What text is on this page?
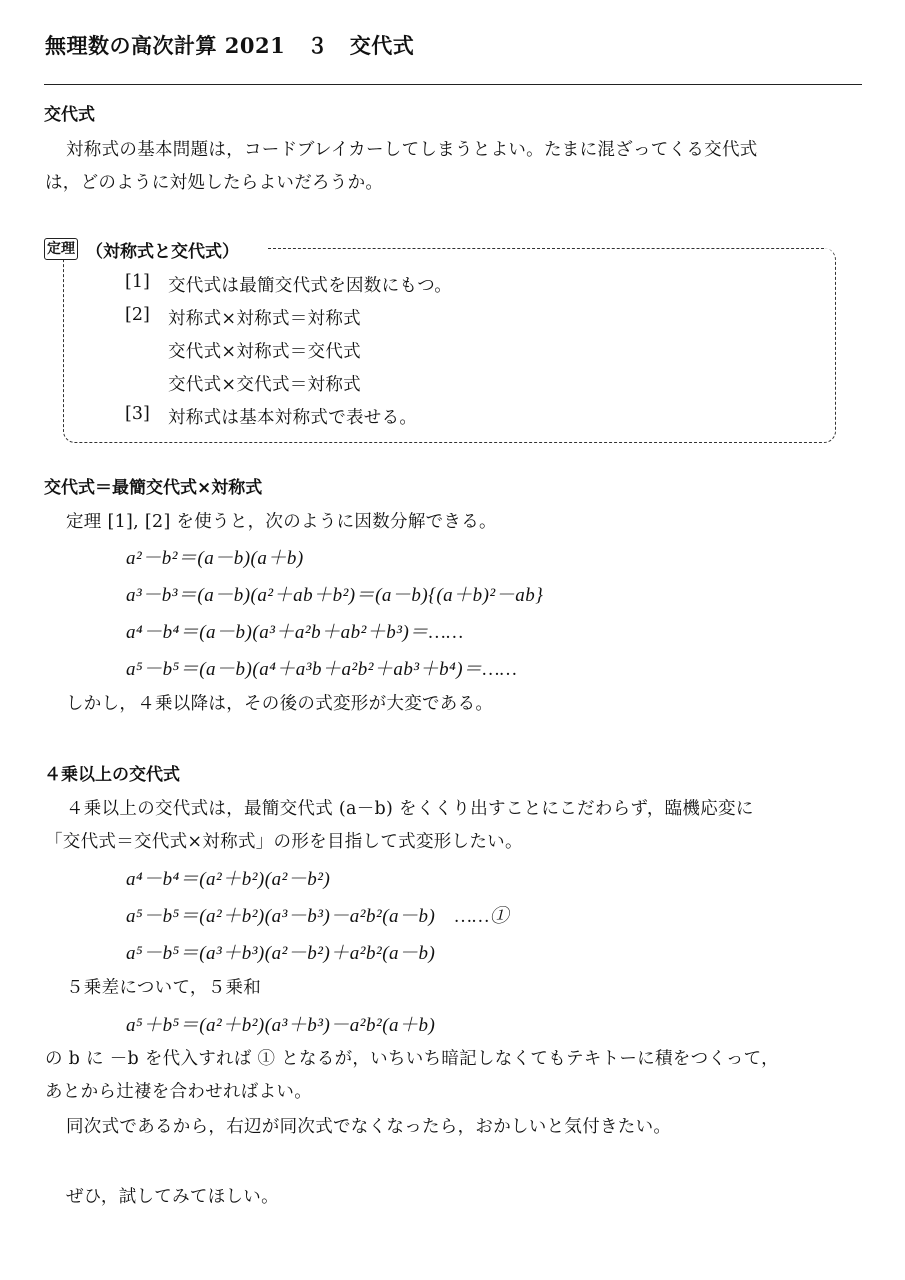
無理数の高次計算 2021　３　交代式
交代式
対称式の基本問題は，コードブレイカーしてしまうとよい。たまに混ざってくる交代式
は，どのように対処したらよいだろうか。
定理 （対称式と交代式）
[1] 交代式は最簡交代式を因数にもつ。
[2] 対称式×対称式＝対称式
交代式×対称式＝交代式
交代式×交代式＝対称式
[3] 対称式は基本対称式で表せる。
交代式＝最簡交代式×対称式
定理 [1], [2] を使うと，次のように因数分解できる。
a²－b²＝(a－b)(a＋b)
a³－b³＝(a－b)(a²＋ab＋b²)＝(a－b){(a＋b)²－ab}
a⁴－b⁴＝(a－b)(a³＋a²b＋ab²＋b³)＝……
a⁵－b⁵＝(a－b)(a⁴＋a³b＋a²b²＋ab³＋b⁴)＝……
しかし，４乗以降は，その後の式変形が大変である。
４乗以上の交代式
４乗以上の交代式は，最簡交代式 (a－b) をくくり出すことにこだわらず，臨機応変に
「交代式＝交代式×対称式」の形を目指して式変形したい。
a⁴－b⁴＝(a²＋b²)(a²－b²)
a⁵－b⁵＝(a²＋b²)(a³－b³)－a²b²(a－b)　……①
a⁵－b⁵＝(a³＋b³)(a²－b²)＋a²b²(a－b)
５乗差について，５乗和
a⁵＋b⁵＝(a²＋b²)(a³＋b³)－a²b²(a＋b)
の b に －b を代入すれば ① となるが，いちいち暗記しなくてもテキトーに積をつくって，
あとから辻褄を合わせればよい。
同次式であるから，右辺が同次式でなくなったら，おかしいと気付きたい。
ぜひ，試してみてほしい。
